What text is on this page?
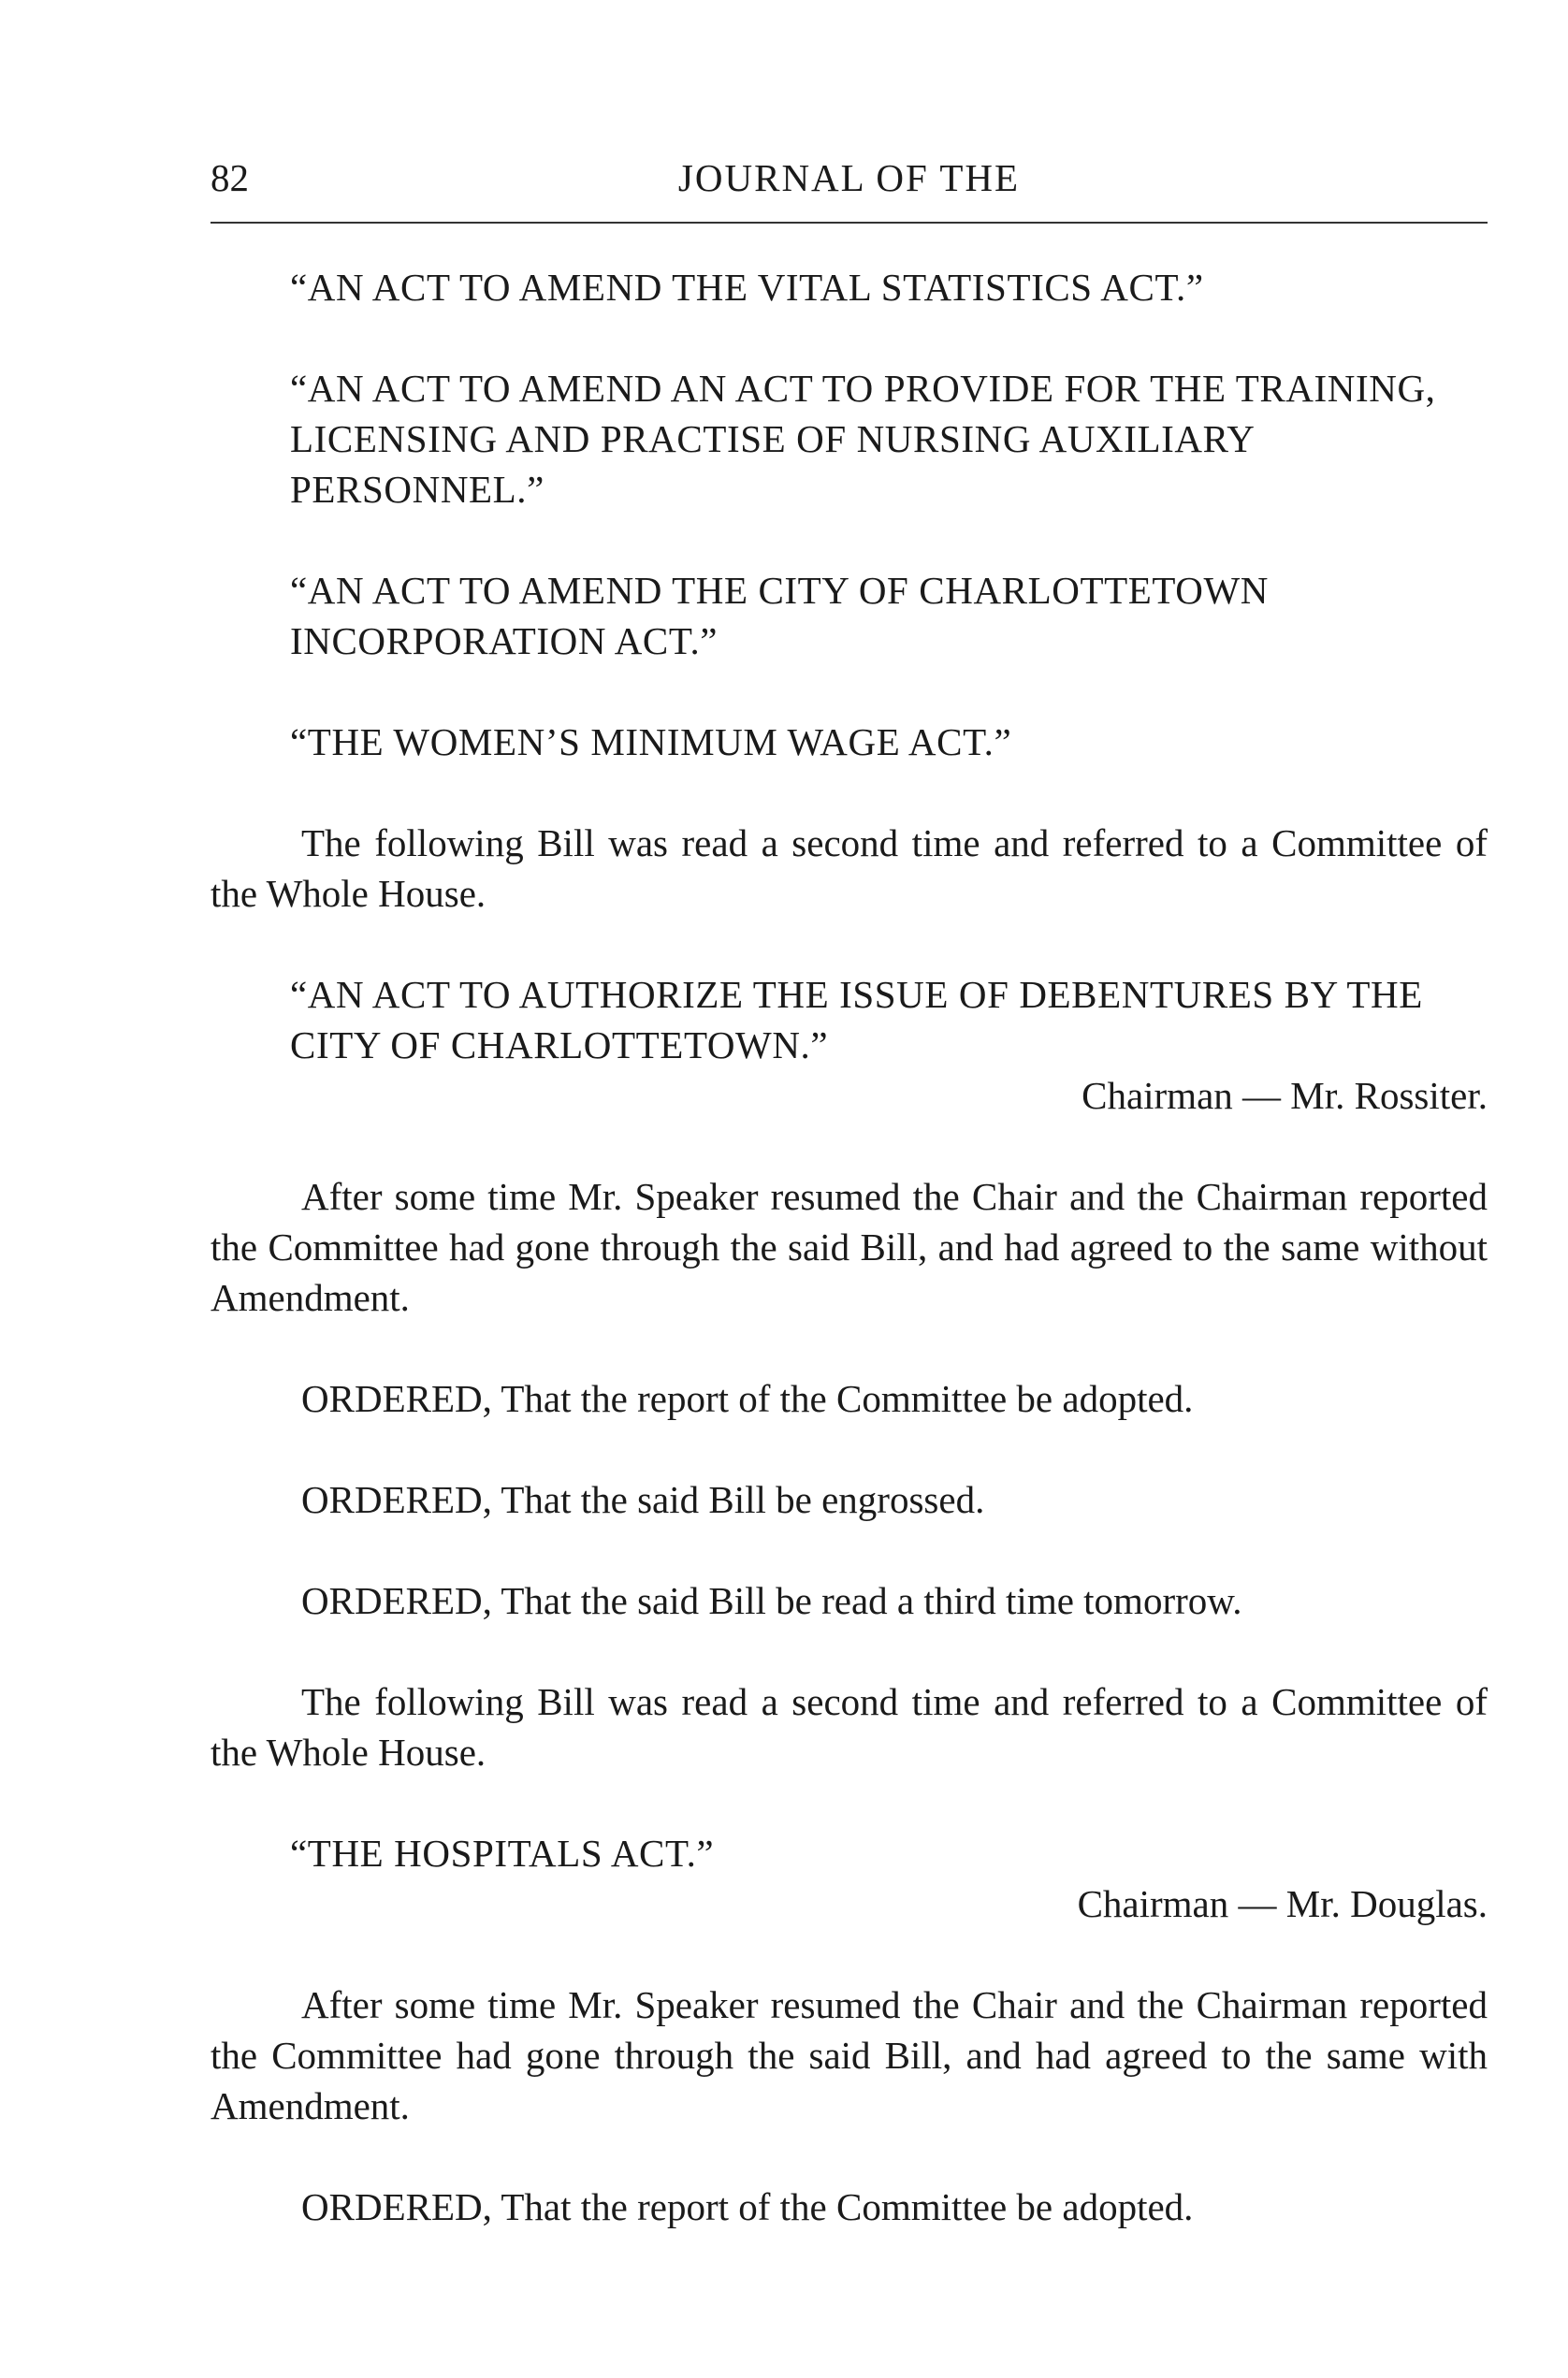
82	JOURNAL OF THE
“AN ACT TO AMEND THE VITAL STATISTICS ACT.”
“AN ACT TO AMEND AN ACT TO PROVIDE FOR THE TRAINING, LICENSING AND PRACTISE OF NURSING AUXILIARY PERSONNEL.”
“AN ACT TO AMEND THE CITY OF CHARLOTTETOWN INCORPORATION ACT.”
“THE WOMEN’S MINIMUM WAGE ACT.”
The following Bill was read a second time and referred to a Committee of the Whole House.
“AN ACT TO AUTHORIZE THE ISSUE OF DEBENTURES BY THE CITY OF CHARLOTTETOWN.”
Chairman — Mr. Rossiter.
After some time Mr. Speaker resumed the Chair and the Chairman reported the Committee had gone through the said Bill, and had agreed to the same without Amendment.
ORDERED, That the report of the Committee be adopted.
ORDERED, That the said Bill be engrossed.
ORDERED, That the said Bill be read a third time tomorrow.
The following Bill was read a second time and referred to a Committee of the Whole House.
“THE HOSPITALS ACT.”
Chairman — Mr. Douglas.
After some time Mr. Speaker resumed the Chair and the Chairman reported the Committee had gone through the said Bill, and had agreed to the same with Amendment.
ORDERED, That the report of the Committee be adopted.
